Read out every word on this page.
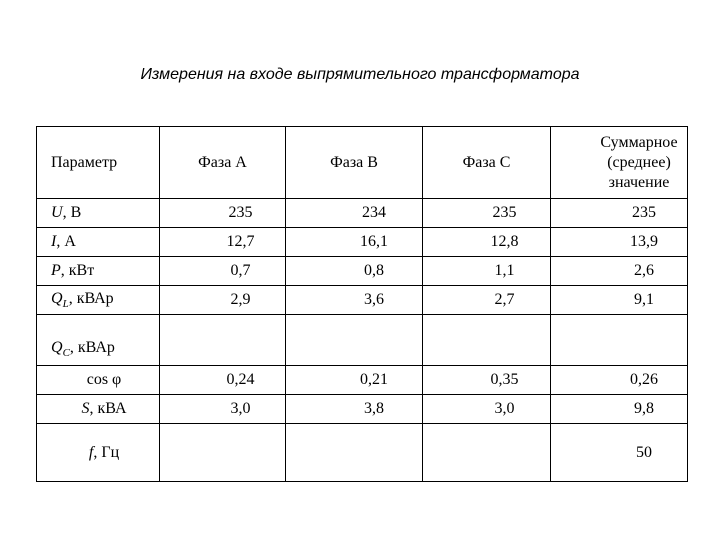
Измерения на входе выпрямительного трансформатора
Параметр	Фаза А	Фаза В	Фаза С	Суммарное
(среднее)
значение

U, В	235	234	235	235
I, А	12,7	16,1	12,8	13,9
P, кВт	0,7	0,8	1,1	2,6
$Q_L$, кВАр	2,9	3,6	2,7	9,1
$Q_C$, кВАр				
cos φ	0,24	0,21	0,35	0,26
S, кВА	3,0	3,8	3,0	9,8
f, Гц				50
